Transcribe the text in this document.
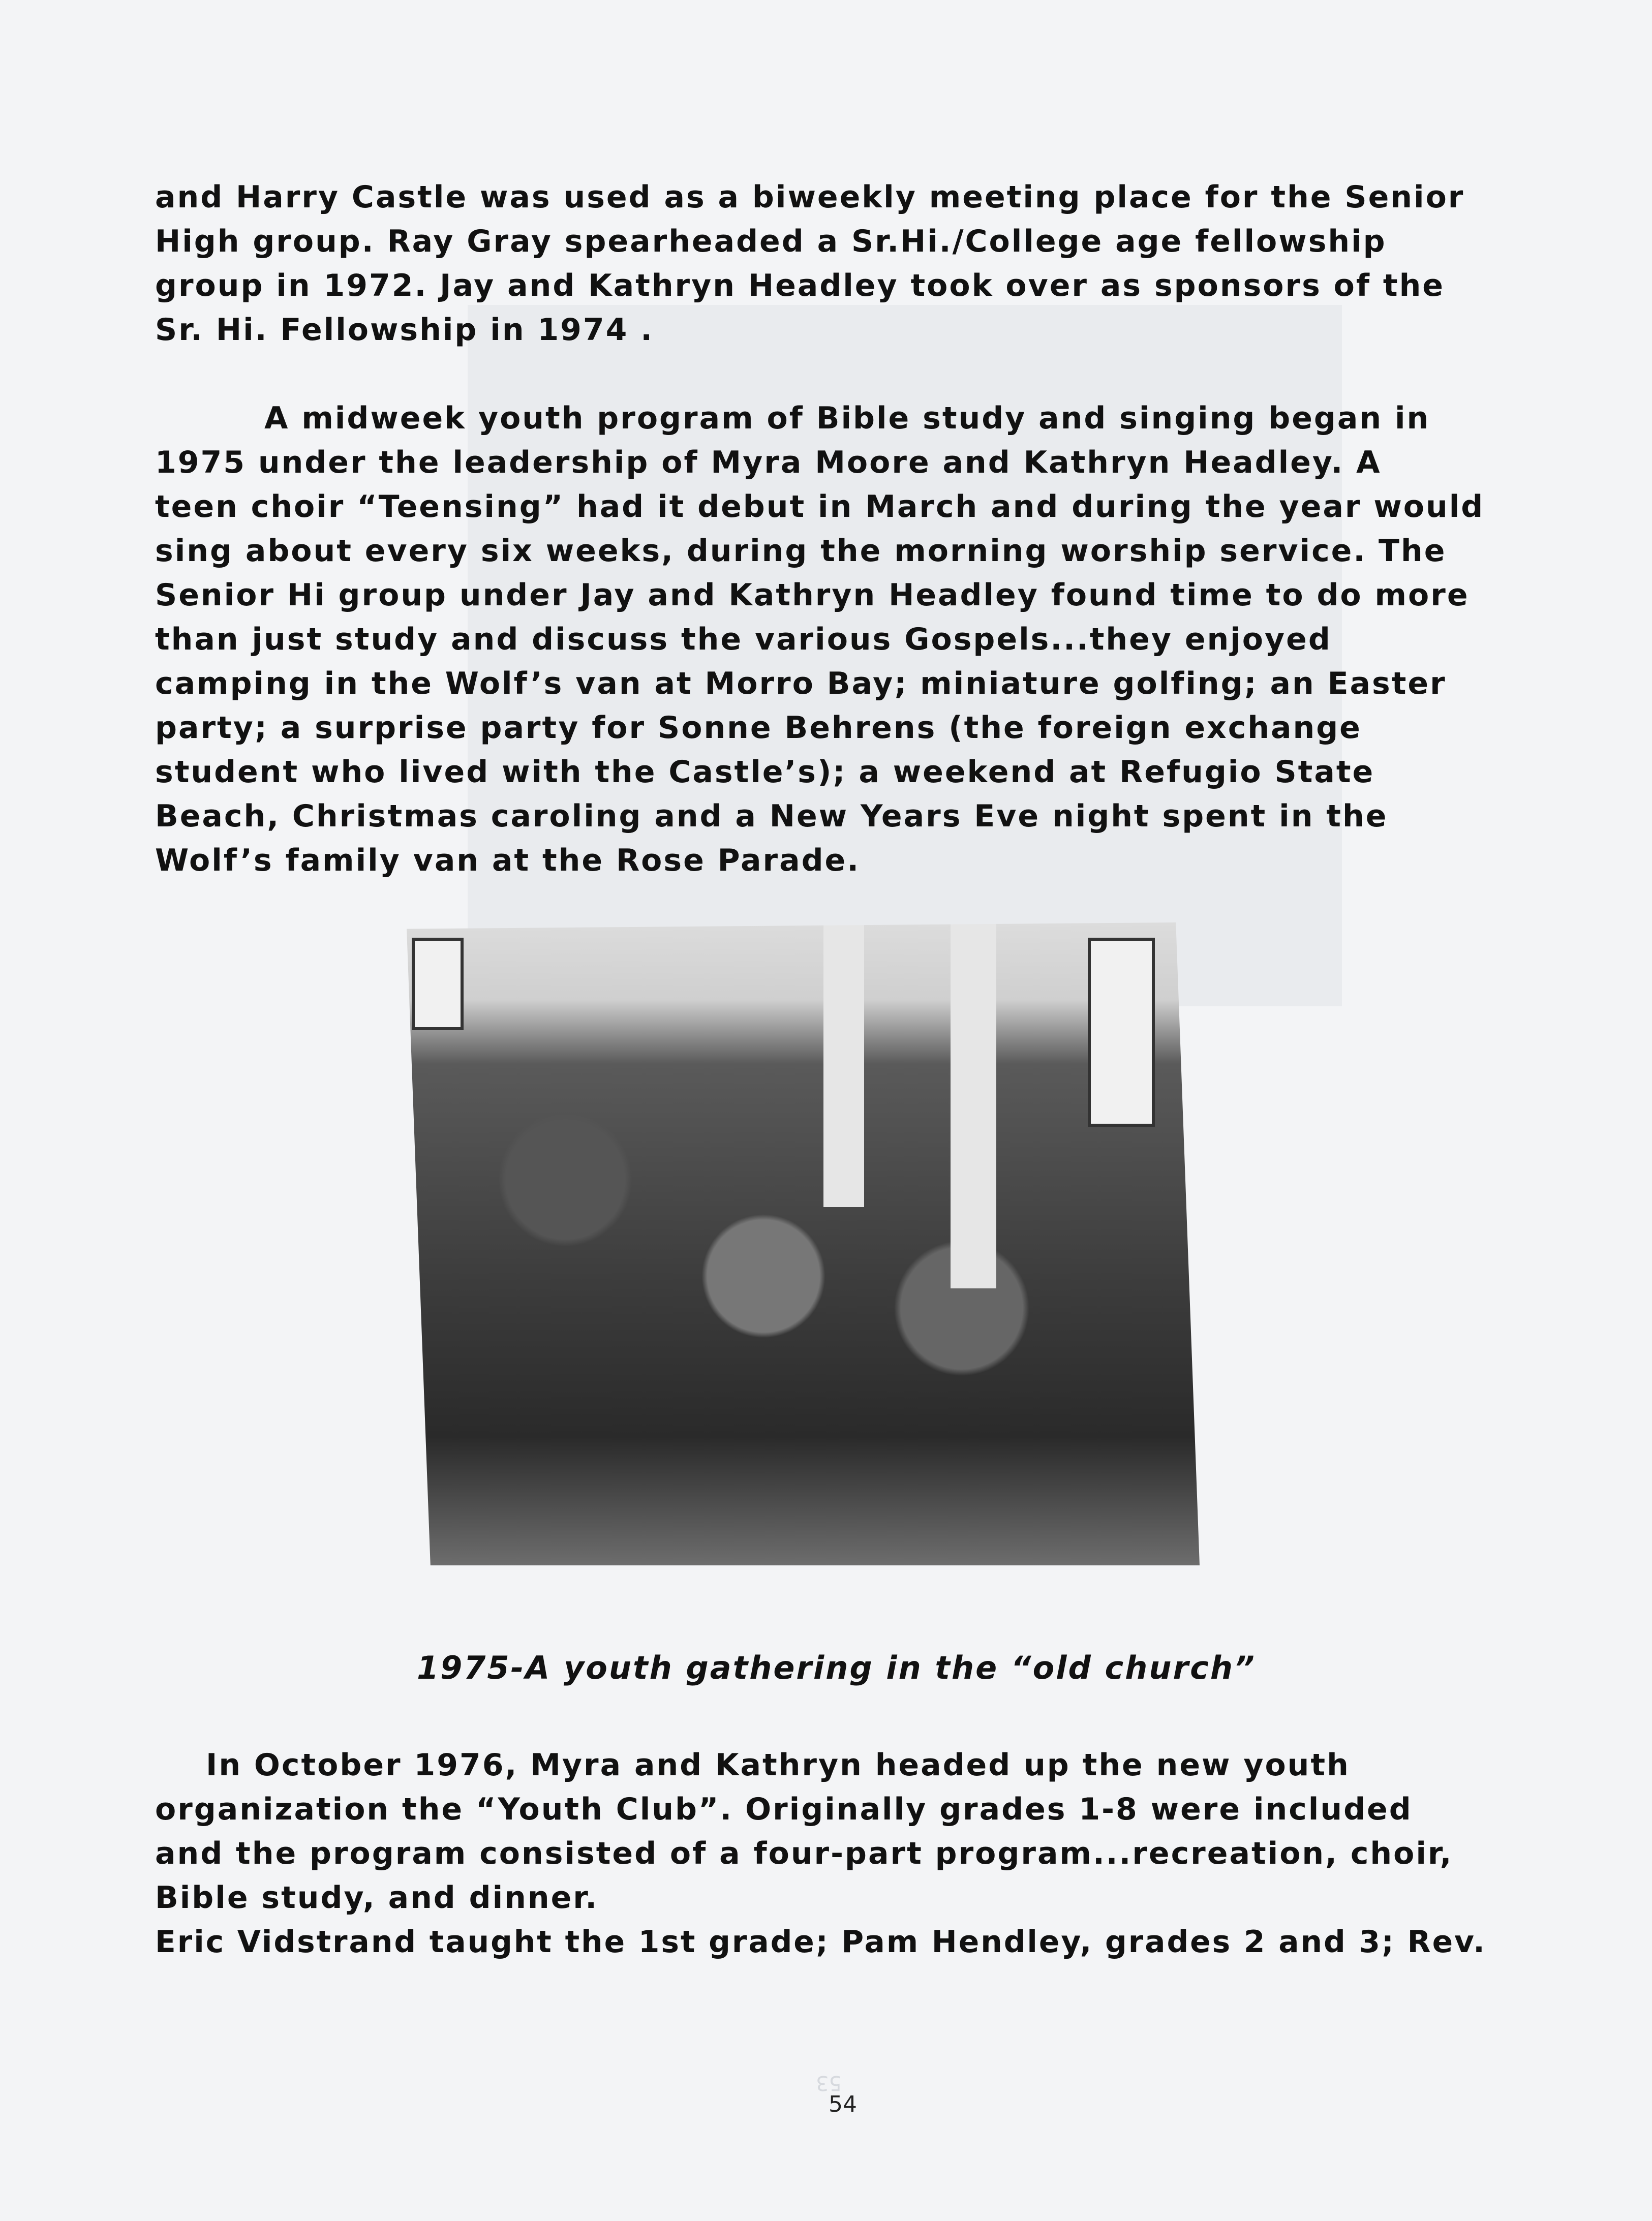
53

and Harry Castle was used as a biweekly meeting place for the Senior

High group. Ray Gray spearheaded a Sr.Hi./College age fellowship

group in 1972. Jay and Kathryn Headley took over as sponsors of the

Sr. Hi. Fellowship in 1974 .

A midweek youth program of Bible study and singing began in

1975 under the leadership of Myra Moore and Kathryn Headley. A

teen choir “Teensing” had it debut in March and during the year would

sing about every six weeks, during the morning worship service. The

Senior Hi group under Jay and Kathryn Headley found time to do more

than just study and discuss the various Gospels...they enjoyed

camping in the Wolf’s van at Morro Bay; miniature golfing; an Easter

party; a surprise party for Sonne Behrens (the foreign exchange

student who lived with the Castle’s); a weekend at Refugio State

Beach, Christmas caroling and a New Years Eve night spent in the

Wolf’s family van at the Rose Parade.

1975-A youth gathering in the “old church”

In October 1976, Myra and Kathryn headed up the new youth

organization the “Youth Club”. Originally grades 1-8 were included

and the program consisted of a four-part program...recreation, choir,

Bible study, and dinner.

Eric Vidstrand taught the 1st grade; Pam Hendley, grades 2 and 3; Rev.

54
